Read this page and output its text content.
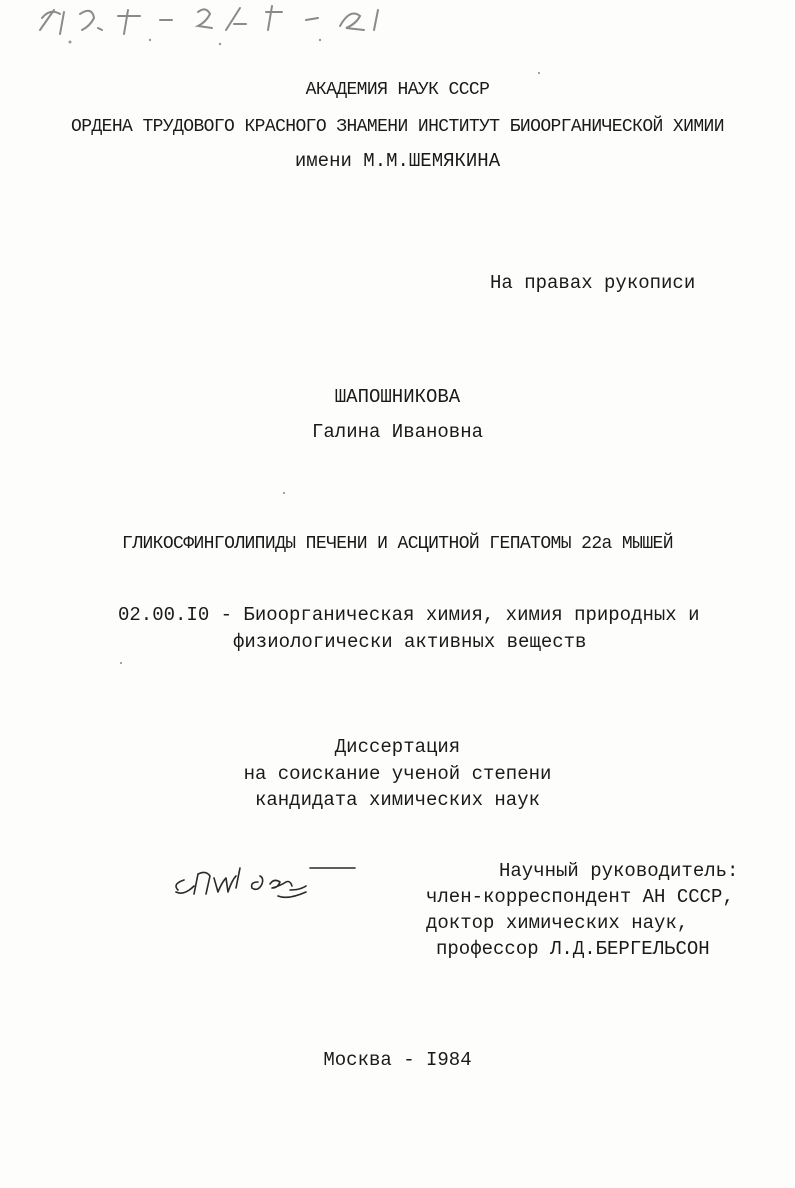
61: 85-2/5-2
АКАДЕМИЯ НАУК СССР
ОРДЕНА ТРУДОВОГО КРАСНОГО ЗНАМЕНИ ИНСТИТУТ БИООРГАНИЧЕСКОЙ ХИМИИ
имени М.М.ШЕМЯКИНА
На правах рукописи
ШАПОШНИКОВА
Галина Ивановна
ГЛИКОСФИНГОЛИПИДЫ ПЕЧЕНИ И АСЦИТНОЙ ГЕПАТОМЫ 22а МЫШЕЙ
02.00.I0 - Биоорганическая химия, химия природных и
физиологически активных веществ
Диссертация
на соискание ученой степени
кандидата химических наук
Научный руководитель:
член-корреспондент АН СССР,
доктор химических наук,
профессор Л.Д.БЕРГЕЛЬСОН
Москва - I984
